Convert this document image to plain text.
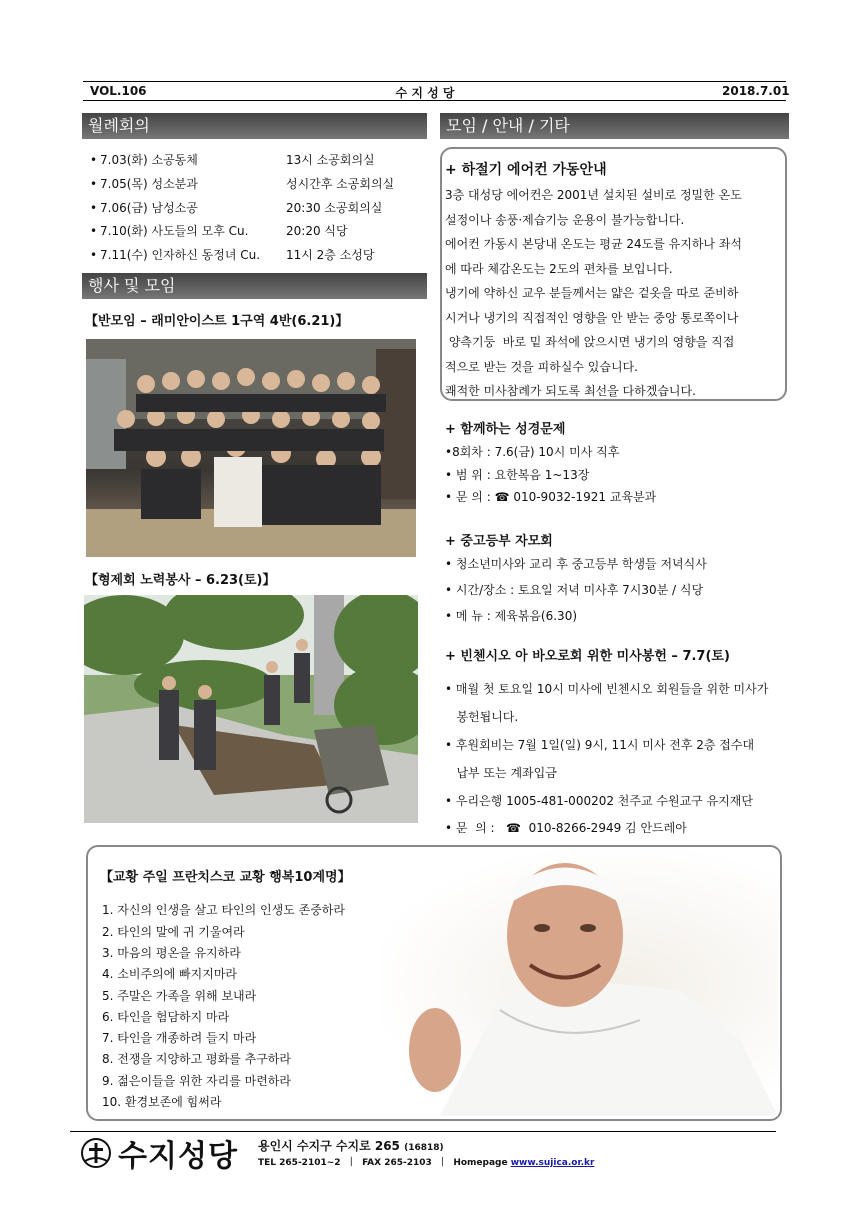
VOL.106	수 지 성 당	2018.7.01
월례회의
• 7.03(화) 소공동체	13시 소공회의실
• 7.05(목) 성소분과	성시간후 소공회의실
• 7.06(금) 남성소공	20:30 소공회의실
• 7.10(화) 사도들의 모후 Cu.	20:20 식당
• 7.11(수) 인자하신 동정녀 Cu. 11시 2층 소성당
행사 및 모임
【반모임 – 래미안이스트 1구역 4반(6.21)】
【형제회 노력봉사 – 6.23(토)】
모임 / 안내 / 기타
+ 하절기 에어컨 가동안내
3층 대성당 에어컨은 2001년 설치된 설비로 정밀한 온도
설정이나 송풍·제습기능 운용이 불가능합니다.
에어컨 가동시 본당내 온도는 평균 24도를 유지하나 좌석
에 따라 체감온도는 2도의 편차를 보입니다.
냉기에 약하신 교우 분들께서는 얇은 겉옷을 따로 준비하
시거나 냉기의 직접적인 영향을 안 받는 중앙 통로쪽이나
양측기둥  바로 밑 좌석에 앉으시면 냉기의 영향을 직접
적으로 받는 것을 피하실수 있습니다.
쾌적한 미사참례가 되도록 최선을 다하겠습니다.
+ 함께하는 성경문제
•8회차 : 7.6(금) 10시 미사 직후
• 범 위 : 요한복음 1~13장
• 문 의 : ☎ 010-9032-1921 교육분과
+ 중고등부 자모회
• 청소년미사와 교리 후 중고등부 학생들 저녁식사
• 시간/장소 : 토요일 저녁 미사후 7시30분 / 식당
• 메 뉴 : 제육볶음(6.30)
+ 빈첸시오 아 바오로회 위한 미사봉헌 – 7.7(토)
• 매월 첫 토요일 10시 미사에 빈첸시오 회원들을 위한 미사가
봉헌됩니다.
• 후원회비는 7월 1일(일) 9시, 11시 미사 전후 2층 접수대
납부 또는 계좌입금
• 우리은행 1005-481-000202 천주교 수원교구 유지재단
• 문  의 :   ☎  010-8266-2949 김 안드레아
【교황 주일 프란치스코 교황 행복10계명】
1. 자신의 인생을 살고 타인의 인생도 존중하라
2. 타인의 말에 귀 기울여라
3. 마음의 평온을 유지하라
4. 소비주의에 빠지지마라
5. 주말은 가족을 위해 보내라
6. 타인을 험담하지 마라
7. 타인을 개종하려 들지 마라
8. 전쟁을 지양하고 평화를 추구하라
9. 젊은이들을 위한 자리를 마련하라
10. 환경보존에 힘써라
수지성당 용인시 수지구 수지로 265 (16818)
TEL 265-2101~2  ｜  FAX 265-2103  ｜  Homepage www.sujica.or.kr
